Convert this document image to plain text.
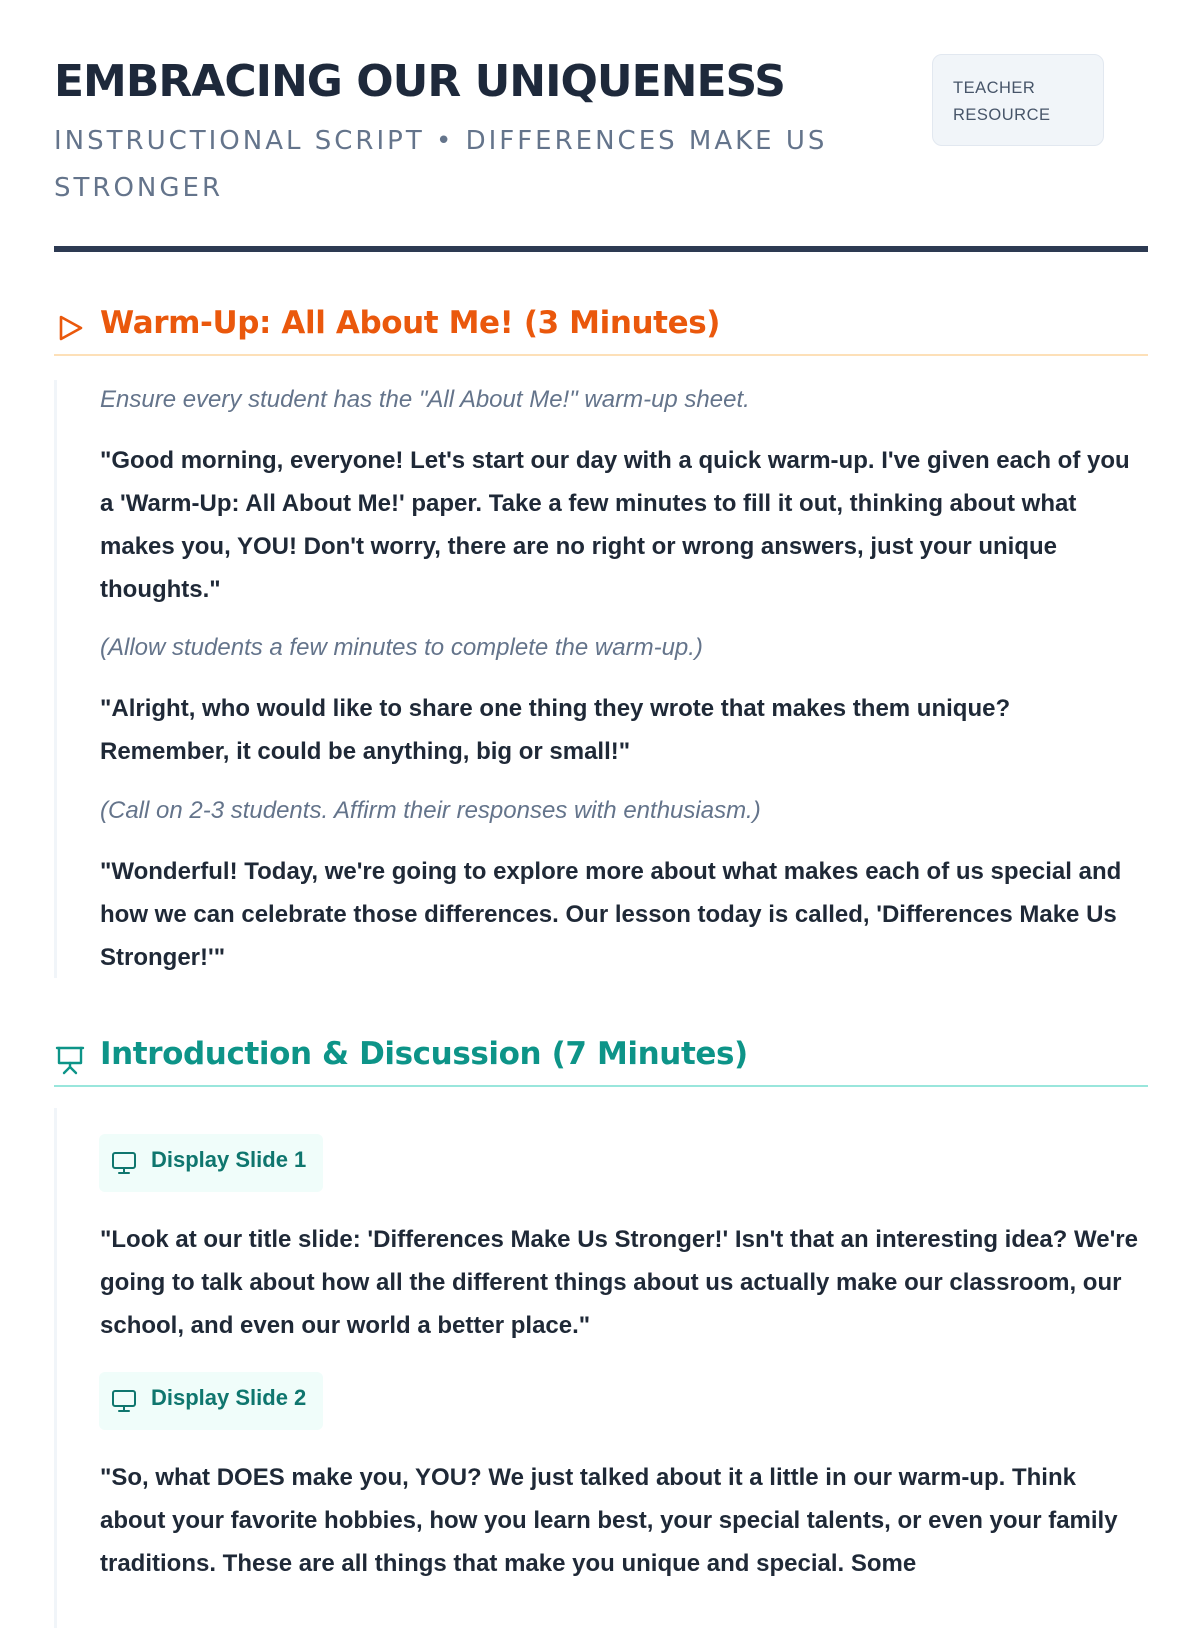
EMBRACING OUR UNIQUENESS
INSTRUCTIONAL SCRIPT • DIFFERENCES MAKE US STRONGER
TEACHER
RESOURCE
Warm-Up: All About Me! (3 Minutes)

Ensure every student has the "All About Me!" warm-up sheet.

"Good morning, everyone! Let's start our day with a quick warm-up. I've given each of you a 'Warm-Up: All About Me!' paper. Take a few minutes to fill it out, thinking about what makes you, YOU! Don't worry, there are no right or wrong answers, just your unique thoughts."

(Allow students a few minutes to complete the warm-up.)

"Alright, who would like to share one thing they wrote that makes them unique? Remember, it could be anything, big or small!"

(Call on 2-3 students. Affirm their responses with enthusiasm.)

"Wonderful! Today, we're going to explore more about what makes each of us special and how we can celebrate those differences. Our lesson today is called, 'Differences Make Us Stronger!'"

Introduction & Discussion (7 Minutes)
Display Slide 1

"Look at our title slide: 'Differences Make Us Stronger!' Isn't that an interesting idea? We're going to talk about how all the different things about us actually make our classroom, our school, and even our world a better place."

Display Slide 2

"So, what DOES make you, YOU? We just talked about it a little in our warm-up. Think about your favorite hobbies, how you learn best, your special talents, or even your family traditions. These are all things that make you unique and special. Some
